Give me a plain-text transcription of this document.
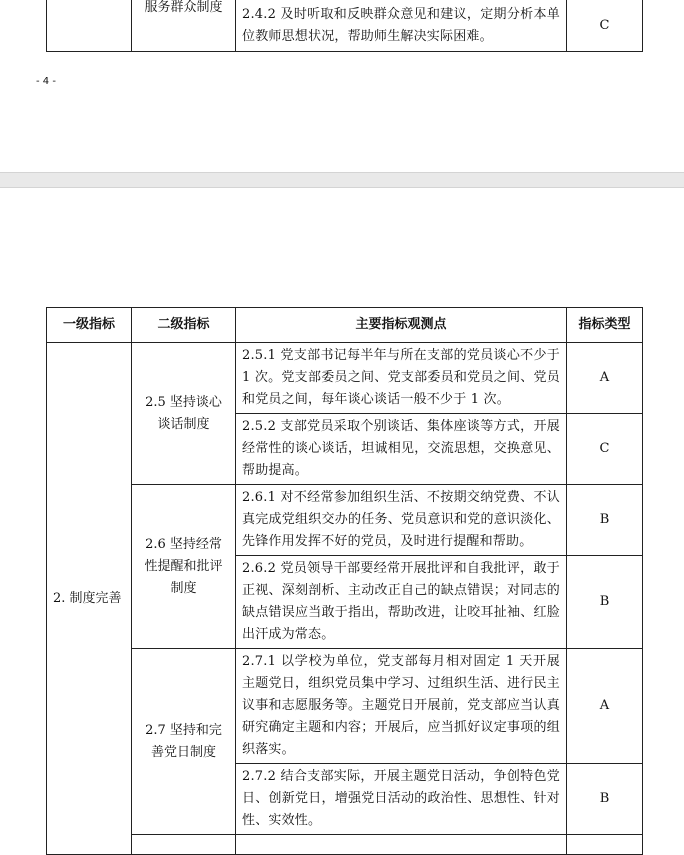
	服务群众制度	2.4.2 及时听取和反映群众意见和建议，定期分析本单位教师思想状况，帮助师生解决实际困难。	C
- 4 -
一级指标	二级指标	主要指标观测点	指标类型
2. 制度完善	2.5 坚持谈心谈话制度	2.5.1 党支部书记每半年与所在支部的党员谈心不少于 1 次。党支部委员之间、党支部委员和党员之间、党员和党员之间，每年谈心谈话一般不少于 1 次。	A
		2.5.2 支部党员采取个别谈话、集体座谈等方式，开展经常性的谈心谈话，坦诚相见，交流思想，交换意见、帮助提高。	C
	2.6 坚持经常性提醒和批评制度	2.6.1 对不经常参加组织生活、不按期交纳党费、不认真完成党组织交办的任务、党员意识和党的意识淡化、先锋作用发挥不好的党员，及时进行提醒和帮助。	B
		2.6.2 党员领导干部要经常开展批评和自我批评，敢于正视、深刻剖析、主动改正自己的缺点错误；对同志的缺点错误应当敢于指出，帮助改进，让咬耳扯袖、红脸出汗成为常态。	B
	2.7 坚持和完善党日制度	2.7.1 以学校为单位，党支部每月相对固定 1 天开展主题党日，组织党员集中学习、过组织生活、进行民主议事和志愿服务等。主题党日开展前，党支部应当认真研究确定主题和内容；开展后，应当抓好议定事项的组织落实。	A
		2.7.2 结合支部实际，开展主题党日活动，争创特色党日、创新党日，增强党日活动的政治性、思想性、针对性、实效性。	B
